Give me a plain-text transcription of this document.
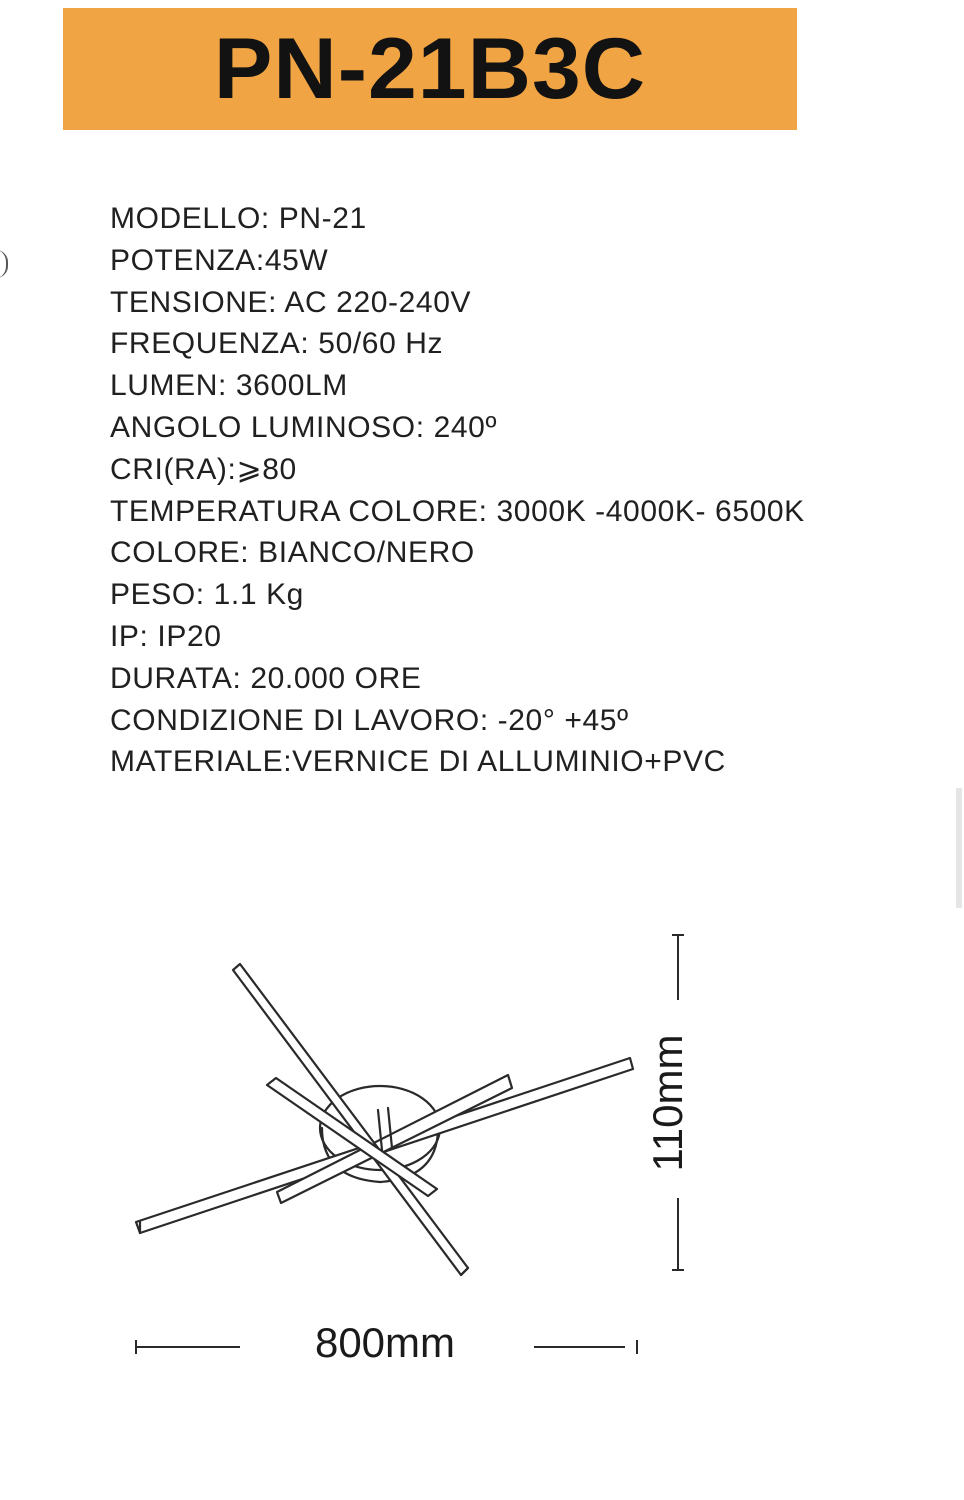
PN-21B3C
MODELLO: PN-21
POTENZA:45W
TENSIONE: AC 220-240V
FREQUENZA: 50/60 Hz
LUMEN: 3600LM
ANGOLO LUMINOSO: 240º
CRI(RA):⩾80
TEMPERATURA COLORE: 3000K -4000K- 6500K
COLORE: BIANCO/NERO
PESO: 1.1 Kg
IP: IP20
DURATA: 20.000 ORE
CONDIZIONE DI LAVORO: -20° +45º
MATERIALE:VERNICE DI ALLUMINIO+PVC
800mm
110mm
